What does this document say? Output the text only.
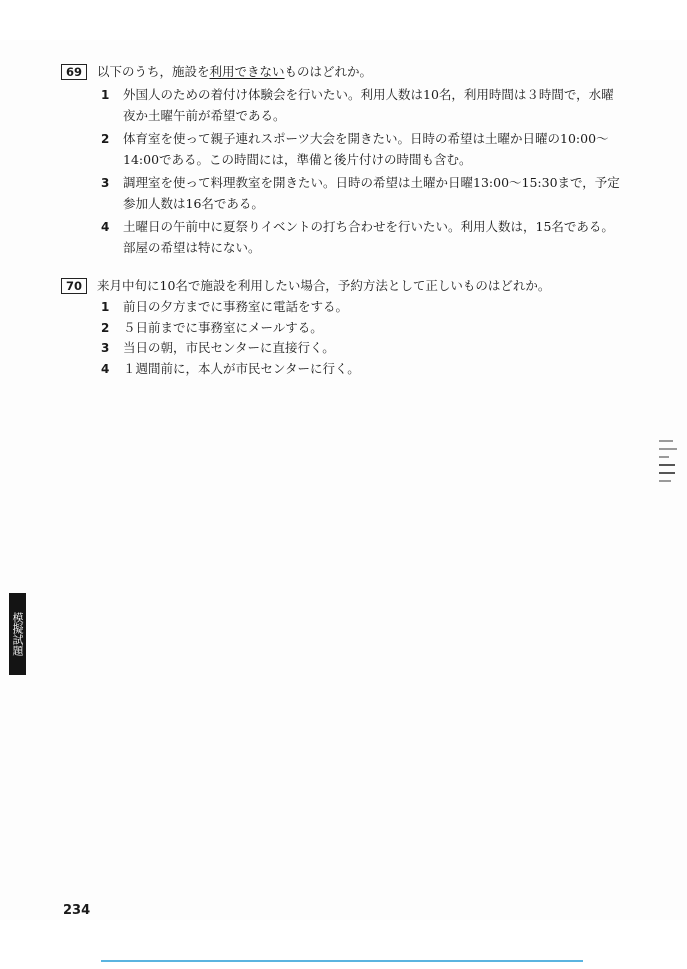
69	以下のうち，施設を利用できないものはどれか。
1	外国人のための着付け体験会を行いたい。利用人数は10名，利用時間は３時間で，水曜夜か土曜午前が希望である。
2	体育室を使って親子連れスポーツ大会を開きたい。日時の希望は土曜か日曜の10:00〜14:00である。この時間には，準備と後片付けの時間も含む。
3	調理室を使って料理教室を開きたい。日時の希望は土曜か日曜13:00〜15:30まで，予定参加人数は16名である。
4	土曜日の午前中に夏祭りイベントの打ち合わせを行いたい。利用人数は，15名である。部屋の希望は特にない。
70	来月中旬に10名で施設を利用したい場合，予約方法として正しいものはどれか。
1	前日の夕方までに事務室に電話をする。
2	５日前までに事務室にメールする。
3	当日の朝，市民センターに直接行く。
4	１週間前に，本人が市民センターに行く。
模擬試題
234
